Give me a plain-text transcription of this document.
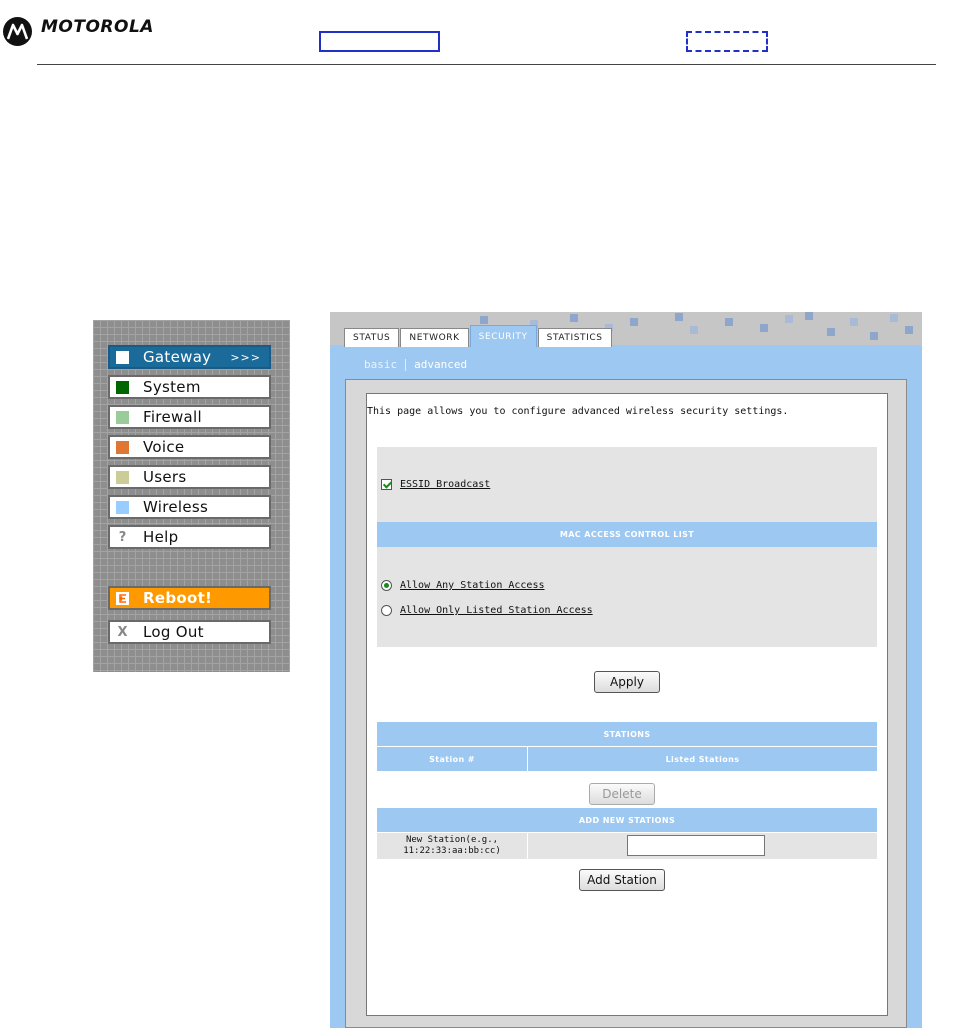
MOTOROLA
Gateway >>>
System
Firewall
Voice
Users
Wireless
? Help
Reboot!
X Log Out
STATUS	NETWORK	SECURITY	STATISTICS
basic advanced
This page allows you to configure advanced wireless security settings.
ESSID Broadcast
MAC ACCESS CONTROL LIST
Allow Any Station Access
Allow Only Listed Station Access
Apply
STATIONS
Station #	Listed Stations
Delete
ADD NEW STATIONS
New Station(e.g., 11:22:33:aa:bb:cc)
Add Station
